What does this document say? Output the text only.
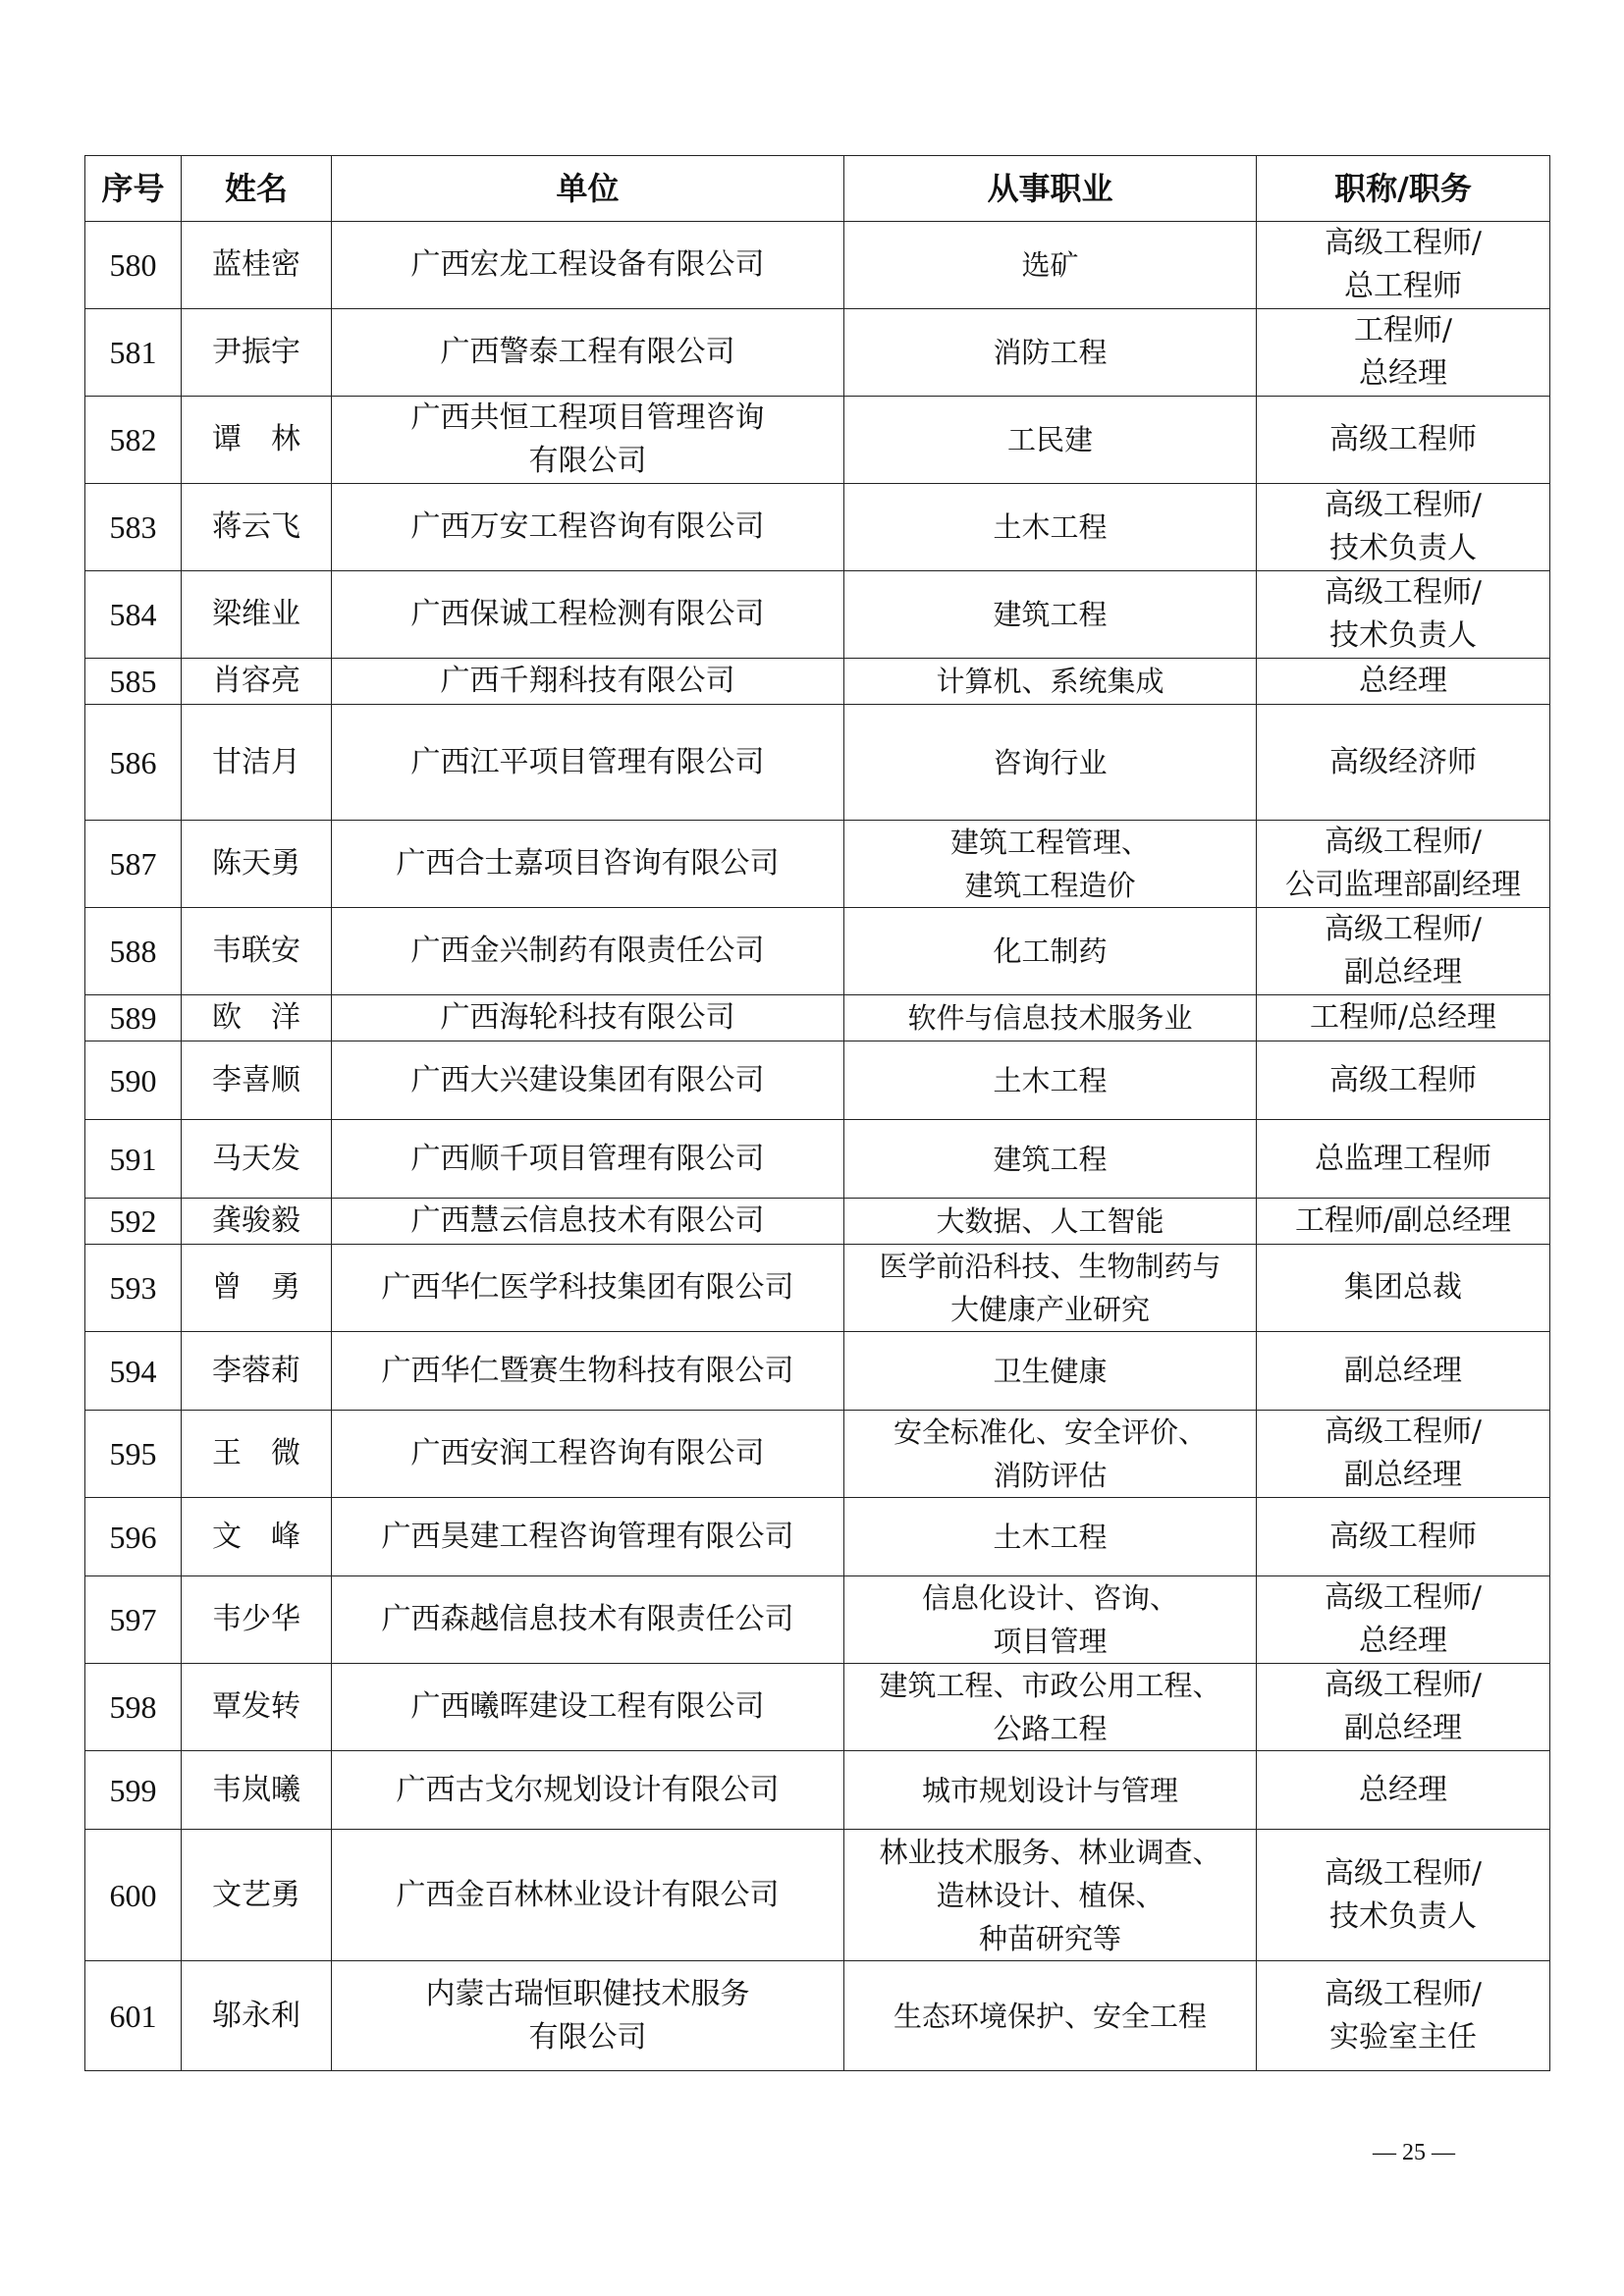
序号	姓名	单位	从事职业	职称/职务
580	蓝桂密	广西宏龙工程设备有限公司	选矿	高级工程师/
总工程师
581	尹振宇	广西警泰工程有限公司	消防工程	工程师/
总经理
582	谭　林	广西共恒工程项目管理咨询
有限公司	工民建	高级工程师
583	蒋云飞	广西万安工程咨询有限公司	土木工程	高级工程师/
技术负责人
584	梁维业	广西保诚工程检测有限公司	建筑工程	高级工程师/
技术负责人
585	肖容亮	广西千翔科技有限公司	计算机、系统集成	总经理
586	甘洁月	广西江平项目管理有限公司	咨询行业	高级经济师
587	陈天勇	广西合士嘉项目咨询有限公司	建筑工程管理、
建筑工程造价	高级工程师/
公司监理部副经理
588	韦联安	广西金兴制药有限责任公司	化工制药	高级工程师/
副总经理
589	欧　洋	广西海轮科技有限公司	软件与信息技术服务业	工程师/总经理
590	李喜顺	广西大兴建设集团有限公司	土木工程	高级工程师
591	马天发	广西顺千项目管理有限公司	建筑工程	总监理工程师
592	龚骏毅	广西慧云信息技术有限公司	大数据、人工智能	工程师/副总经理
593	曾　勇	广西华仁医学科技集团有限公司	医学前沿科技、生物制药与
大健康产业研究	集团总裁
594	李蓉莉	广西华仁暨赛生物科技有限公司	卫生健康	副总经理
595	王　微	广西安润工程咨询有限公司	安全标准化、安全评价、
消防评估	高级工程师/
副总经理
596	文　峰	广西昊建工程咨询管理有限公司	土木工程	高级工程师
597	韦少华	广西森越信息技术有限责任公司	信息化设计、咨询、
项目管理	高级工程师/
总经理
598	覃发转	广西曦晖建设工程有限公司	建筑工程、市政公用工程、
公路工程	高级工程师/
副总经理
599	韦岚曦	广西古戈尔规划设计有限公司	城市规划设计与管理	总经理
600	文艺勇	广西金百林林业设计有限公司	林业技术服务、林业调查、
造林设计、植保、
种苗研究等	高级工程师/
技术负责人
601	邬永利	内蒙古瑞恒职健技术服务
有限公司	生态环境保护、安全工程	高级工程师/
实验室主任
— 25 —
